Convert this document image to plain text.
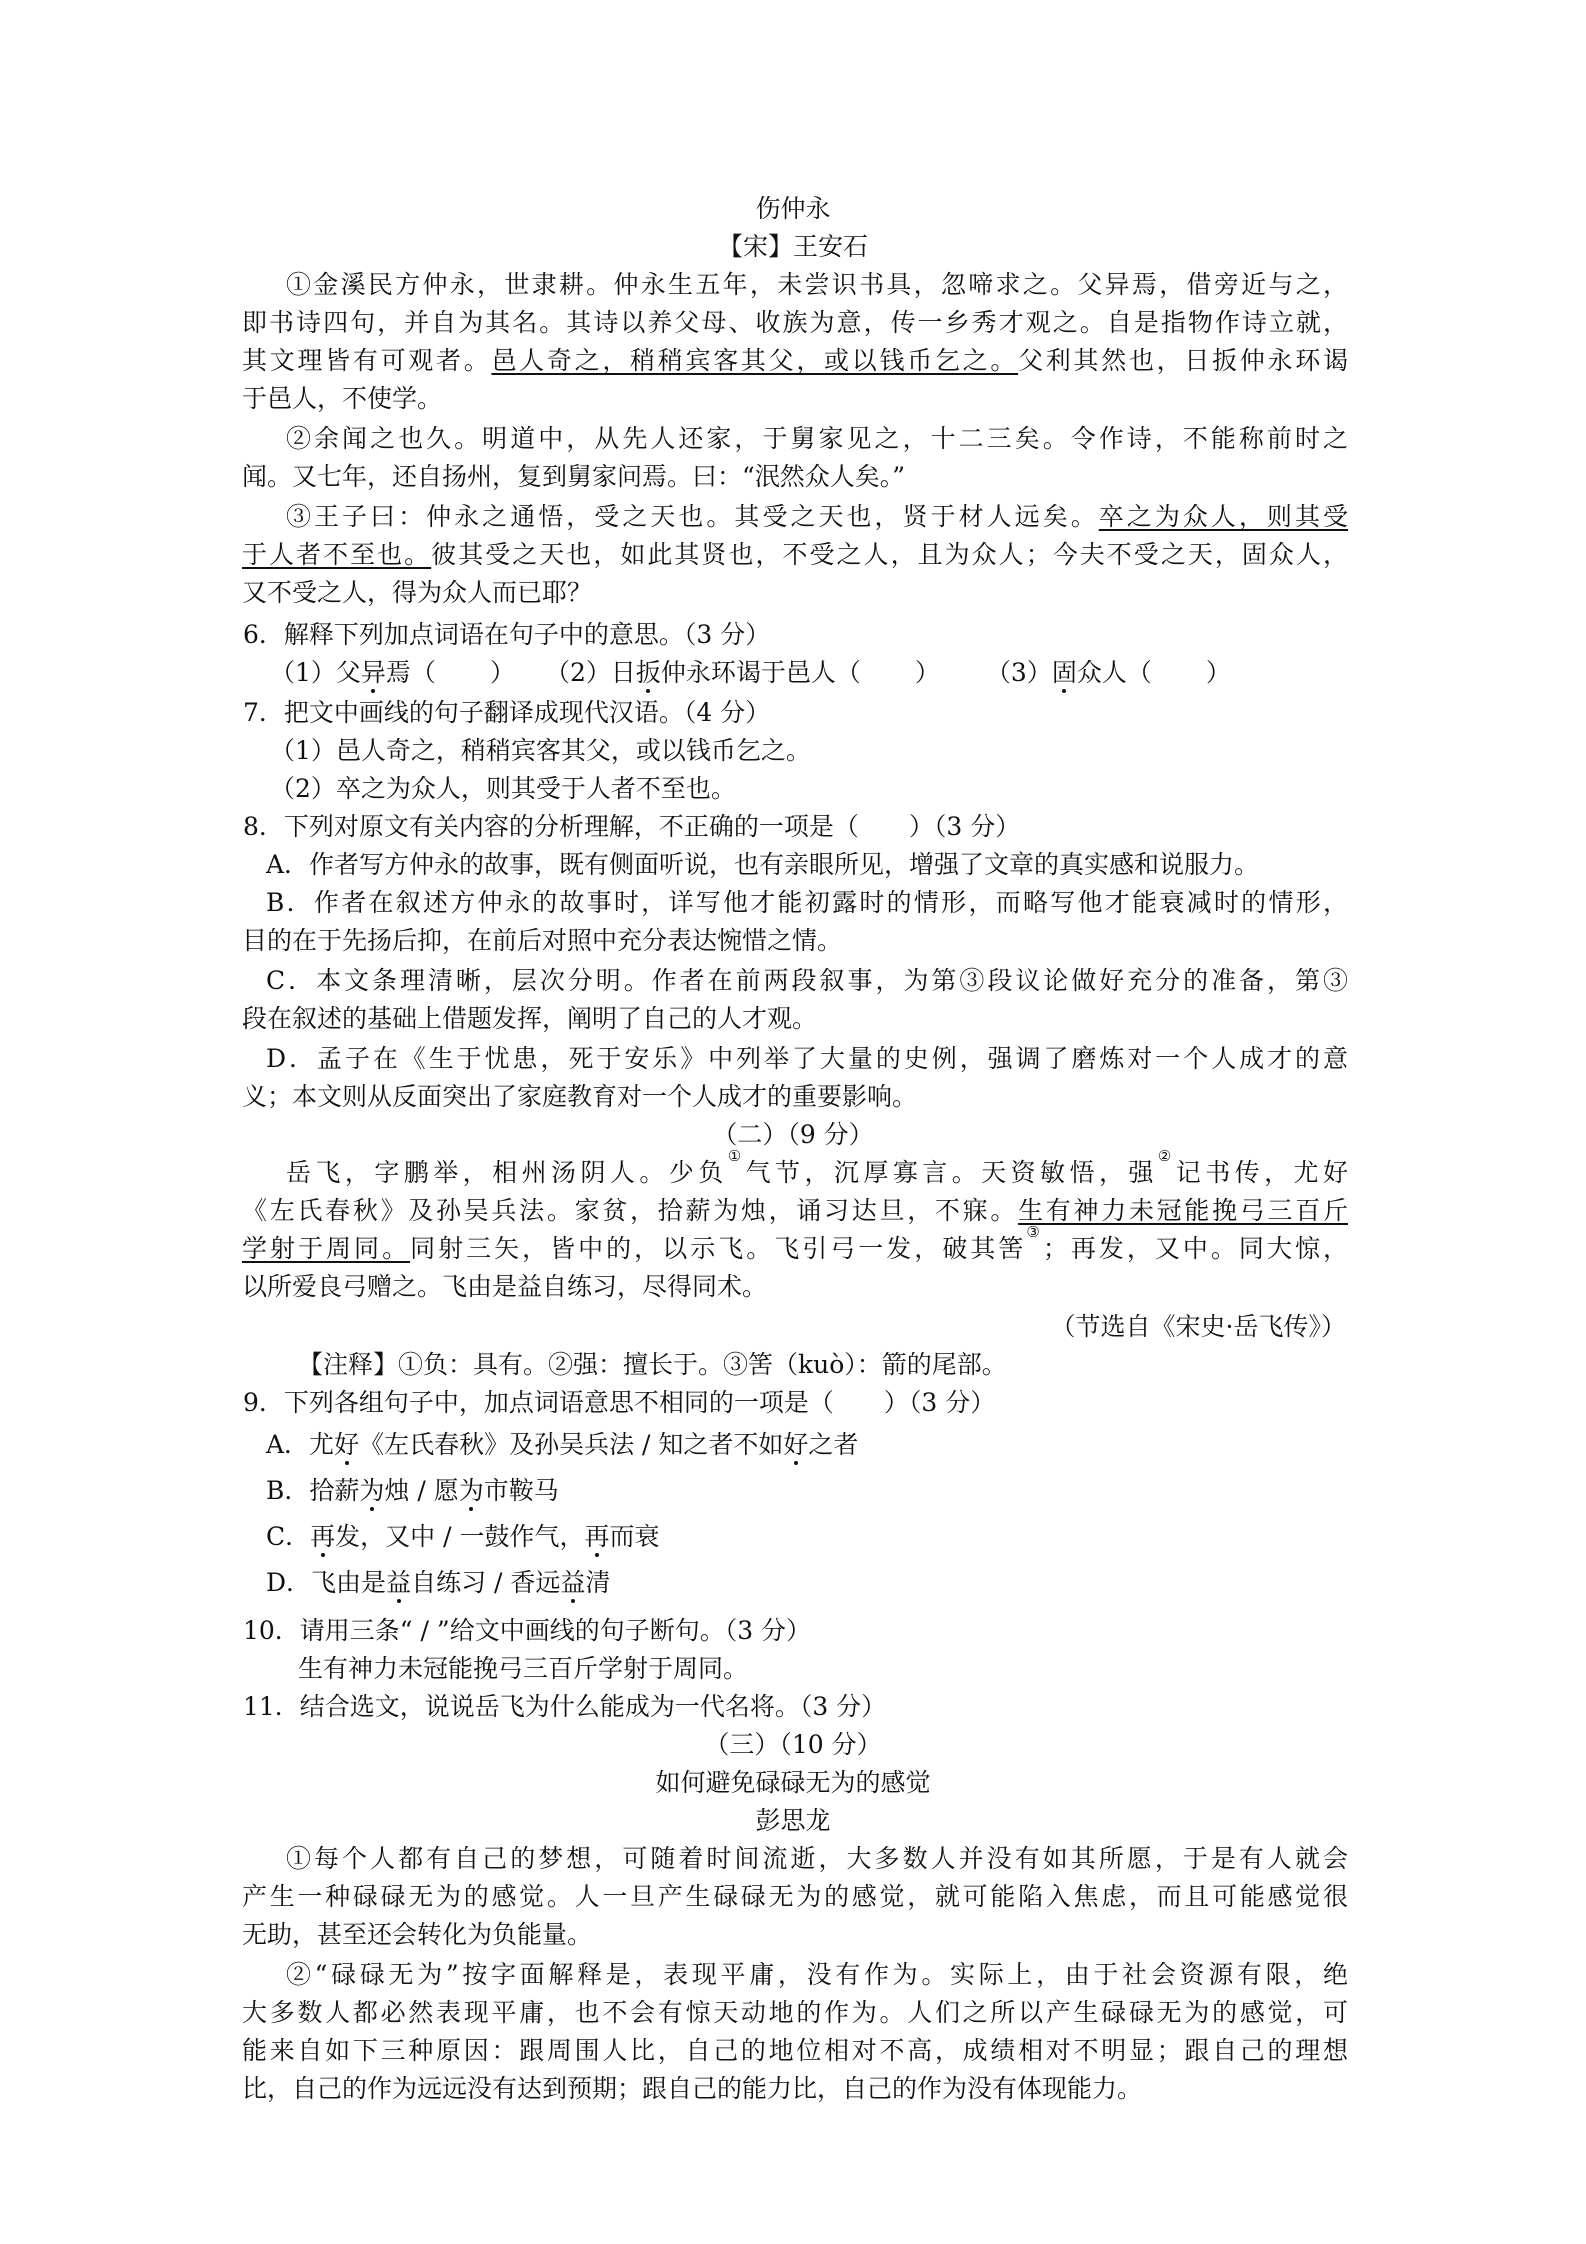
伤仲永
【宋】王安石
①金溪民方仲永，世隶耕。仲永生五年，未尝识书具，忽啼求之。父异焉，借旁近与之，
即书诗四句，并自为其名。其诗以养父母、收族为意，传一乡秀才观之。自是指物作诗立就，
其文理皆有可观者。邑人奇之，稍稍宾客其父，或以钱币乞之。父利其然也，日扳仲永环谒
于邑人，不使学。
②余闻之也久。明道中，从先人还家，于舅家见之，十二三矣。令作诗，不能称前时之
闻。又七年，还自扬州，复到舅家问焉。曰：“泯然众人矣。”
③王子曰：仲永之通悟，受之天也。其受之天也，贤于材人远矣。卒之为众人，则其受
于人者不至也。彼其受之天也，如此其贤也，不受之人，且为众人；今夫不受之天，固众人，
又不受之人，得为众人而已耶？
6．解释下列加点词语在句子中的意思。（3 分）
（1）父异焉（ ） （2）日扳仲永环谒于邑人（ ） （3）固众人（ ）
7．把文中画线的句子翻译成现代汉语。（4 分）
（1）邑人奇之，稍稍宾客其父，或以钱币乞之。
（2）卒之为众人，则其受于人者不至也。
8．下列对原文有关内容的分析理解，不正确的一项是（　　）（3 分）
A．作者写方仲永的故事，既有侧面听说，也有亲眼所见，增强了文章的真实感和说服力。
B．作者在叙述方仲永的故事时，详写他才能初露时的情形，而略写他才能衰减时的情形，
目的在于先扬后抑，在前后对照中充分表达惋惜之情。
C．本文条理清晰，层次分明。作者在前两段叙事，为第③段议论做好充分的准备，第③
段在叙述的基础上借题发挥，阐明了自己的人才观。
D．孟子在《生于忧患，死于安乐》中列举了大量的史例，强调了磨炼对一个人成才的意
义；本文则从反面突出了家庭教育对一个人成才的重要影响。
（二）（9 分）
岳飞，字鹏举，相州汤阴人。少负①气节，沉厚寡言。天资敏悟，强②记书传，尤好
《左氏春秋》及孙吴兵法。家贫，拾薪为烛，诵习达旦，不寐。生有神力未冠能挽弓三百斤
学射于周同。同射三矢，皆中的，以示飞。飞引弓一发，破其筈③；再发，又中。同大惊，
以所爱良弓赠之。飞由是益自练习，尽得同术。
（节选自《宋史·岳飞传》）
【注释】①负：具有。②强：擅长于。③筈（kuò）：箭的尾部。
9．下列各组句子中，加点词语意思不相同的一项是（　　）（3 分）
A．尤好《左氏春秋》及孙吴兵法 / 知之者不如好之者
B．拾薪为烛 / 愿为市鞍马
C．再发，又中 / 一鼓作气，再而衰
D．飞由是益自练习 / 香远益清
10．请用三条“ / ”给文中画线的句子断句。（3 分）
生有神力未冠能挽弓三百斤学射于周同。
11．结合选文，说说岳飞为什么能成为一代名将。（3 分）
（三）（10 分）
如何避免碌碌无为的感觉
彭思龙
①每个人都有自己的梦想，可随着时间流逝，大多数人并没有如其所愿，于是有人就会
产生一种碌碌无为的感觉。人一旦产生碌碌无为的感觉，就可能陷入焦虑，而且可能感觉很
无助，甚至还会转化为负能量。
②“碌碌无为”按字面解释是，表现平庸，没有作为。实际上，由于社会资源有限，绝
大多数人都必然表现平庸，也不会有惊天动地的作为。人们之所以产生碌碌无为的感觉，可
能来自如下三种原因：跟周围人比，自己的地位相对不高，成绩相对不明显；跟自己的理想
比，自己的作为远远没有达到预期；跟自己的能力比，自己的作为没有体现能力。
